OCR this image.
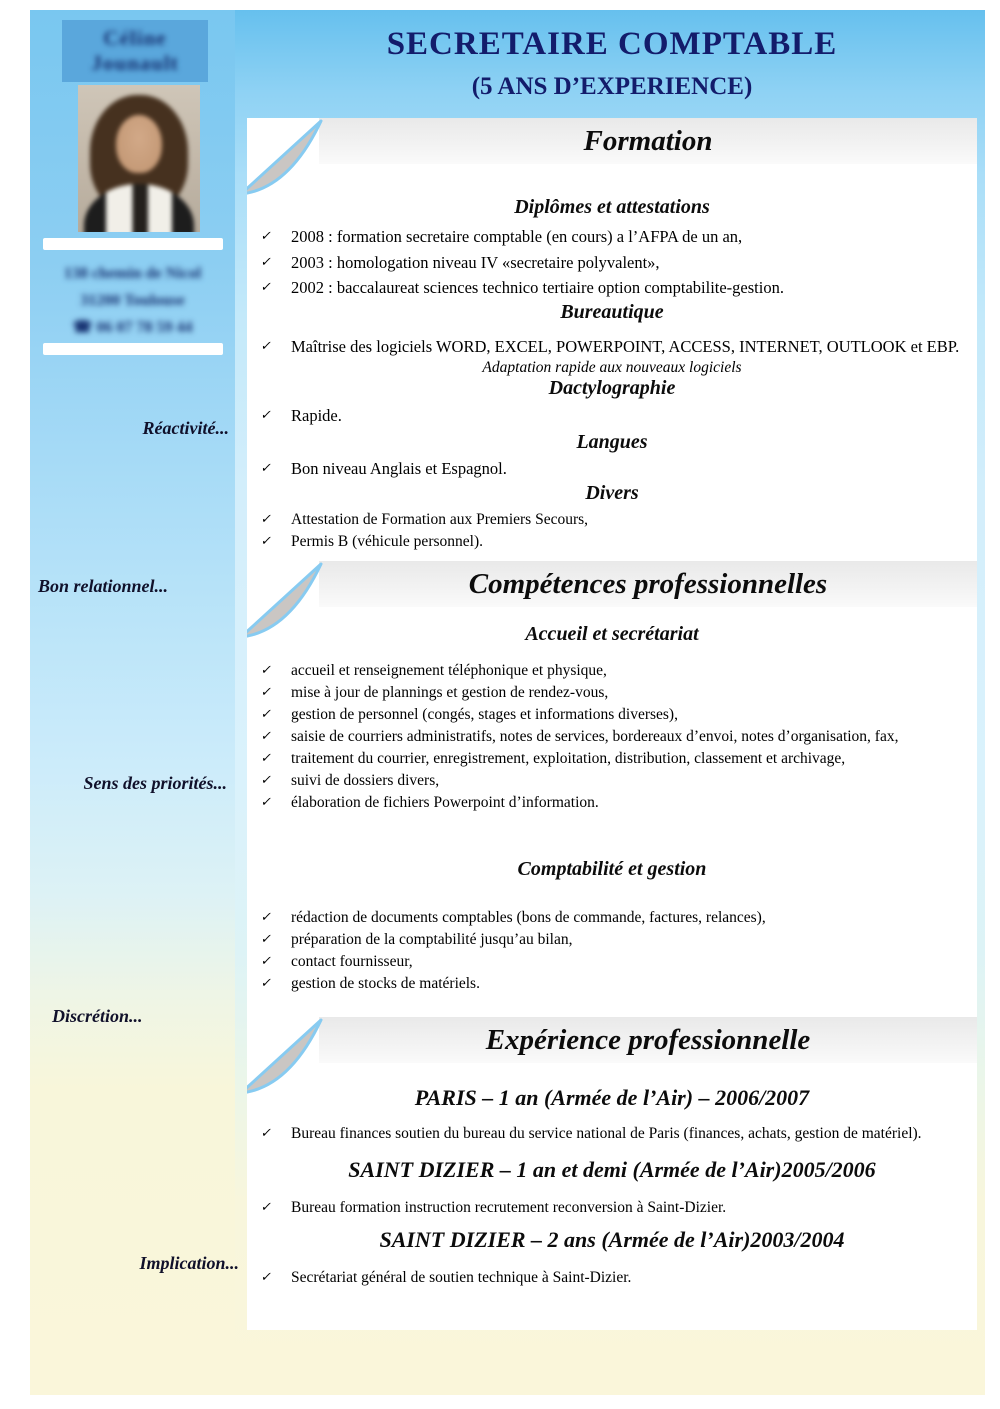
Céline
Jounault
138 chemin de Nicol
31200 Toulouse
☎ 06 07 78 59 44
Réactivité...
Bon relationnel...
Sens des priorités...
Discrétion...
Implication...
SECRETAIRE COMPTABLE
(5 ANS D’EXPERIENCE)
Formation
Diplômes et attestations
✓	2008 : formation secretaire comptable (en cours) a l’AFPA de un an,
✓	2003 : homologation niveau IV «secretaire polyvalent»,
✓	2002 : baccalaureat sciences technico tertiaire option comptabilite-gestion.
Bureautique
✓	Maîtrise des logiciels WORD, EXCEL, POWERPOINT, ACCESS, INTERNET, OUTLOOK et EBP.
Adaptation rapide aux nouveaux logiciels
Dactylographie
✓	Rapide.
Langues
✓	Bon niveau Anglais et Espagnol.
Divers
✓	Attestation de Formation aux Premiers Secours,
✓	Permis B (véhicule personnel).
Compétences professionnelles
Accueil et secrétariat
✓	accueil et renseignement téléphonique et physique,
✓	mise à jour de plannings et gestion de rendez-vous,
✓	gestion de personnel (congés, stages et informations diverses),
✓	saisie de courriers administratifs, notes de services, bordereaux d’envoi, notes d’organisation, fax,
✓	traitement du courrier, enregistrement, exploitation, distribution, classement et archivage,
✓	suivi de dossiers divers,
✓	élaboration de fichiers Powerpoint d’information.
Comptabilité et gestion
✓	rédaction de documents comptables (bons de commande, factures, relances),
✓	préparation de la comptabilité jusqu’au bilan,
✓	contact fournisseur,
✓	gestion de stocks de matériels.
Expérience professionnelle
PARIS – 1 an (Armée de l’Air) – 2006/2007
✓	Bureau finances soutien du bureau du service national de Paris (finances, achats, gestion de matériel).
SAINT DIZIER – 1 an et demi (Armée de l’Air)2005/2006
✓	Bureau formation instruction recrutement reconversion à Saint-Dizier.
SAINT DIZIER – 2 ans (Armée de l’Air)2003/2004
✓	Secrétariat général de soutien technique à Saint-Dizier.
